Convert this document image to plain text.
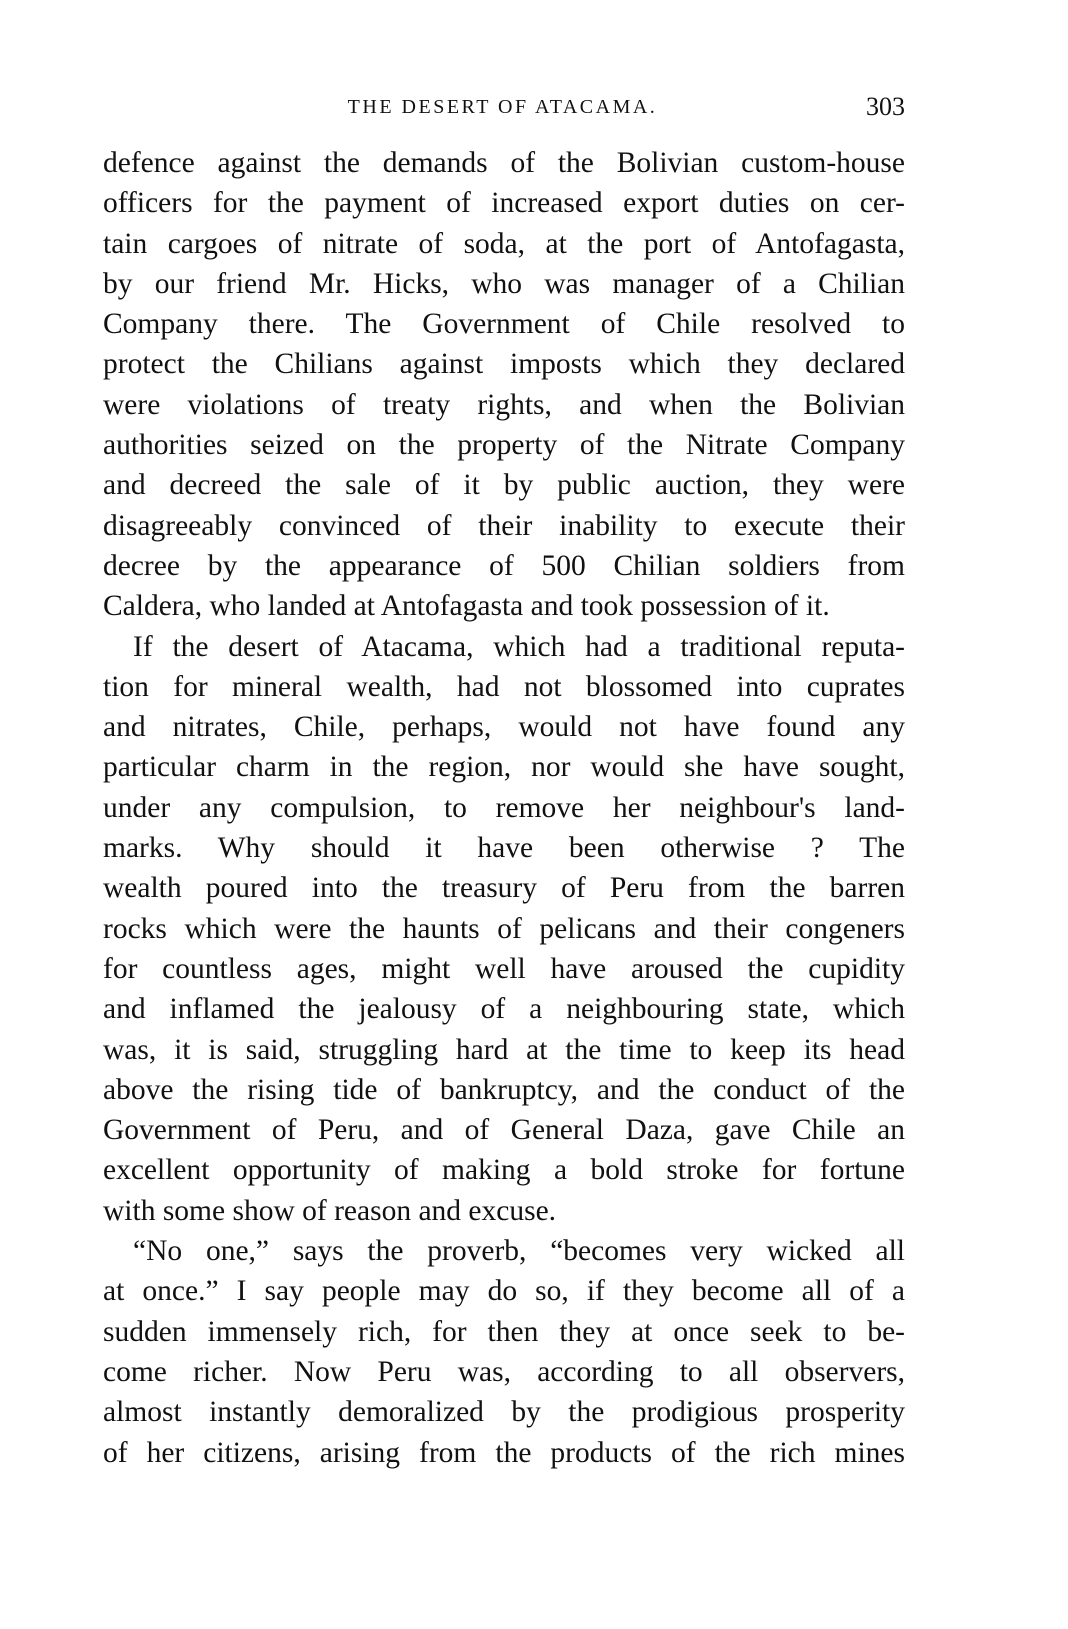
THE DESERT OF ATACAMA.	303
defence against the demands of the Bolivian custom-house
officers for the payment of increased export duties on cer-
tain cargoes of nitrate of soda, at the port of Antofagasta,
by our friend Mr. Hicks, who was manager of a Chilian
Company there. The Government of Chile resolved to
protect the Chilians against imposts which they declared
were violations of treaty rights, and when the Bolivian
authorities seized on the property of the Nitrate Company
and decreed the sale of it by public auction, they were
disagreeably convinced of their inability to execute their
decree by the appearance of 500 Chilian soldiers from
Caldera, who landed at Antofagasta and took possession of it.
If the desert of Atacama, which had a traditional reputa-
tion for mineral wealth, had not blossomed into cuprates
and nitrates, Chile, perhaps, would not have found any
particular charm in the region, nor would she have sought,
under any compulsion, to remove her neighbour's land-
marks. Why should it have been otherwise ? The
wealth poured into the treasury of Peru from the barren
rocks which were the haunts of pelicans and their congeners
for countless ages, might well have aroused the cupidity
and inflamed the jealousy of a neighbouring state, which
was, it is said, struggling hard at the time to keep its head
above the rising tide of bankruptcy, and the conduct of the
Government of Peru, and of General Daza, gave Chile an
excellent opportunity of making a bold stroke for fortune
with some show of reason and excuse.
“No one,” says the proverb, “becomes very wicked all
at once.” I say people may do so, if they become all of a
sudden immensely rich, for then they at once seek to be-
come richer. Now Peru was, according to all observers,
almost instantly demoralized by the prodigious prosperity
of her citizens, arising from the products of the rich mines
